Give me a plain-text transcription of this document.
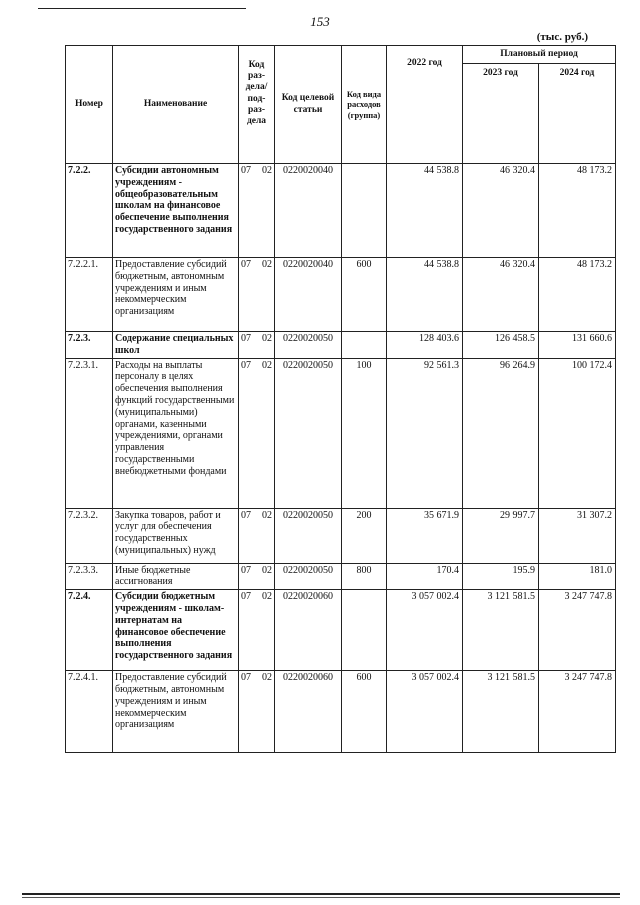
153
(тыс. руб.)
Номер	Наименование	Код раз-дела/ под-раз-дела	Код целевой статьи	Код вида расходов (группа)	2022 год	Плановый период	
						2023 год	2024 год
7.2.2.	Субсидии автономным учреждениям - общеобразовательным школам на финансовое обеспечение выполнения государственного задания	07 02	0220020040		44 538.8	46 320.4	48 173.2
7.2.2.1.	Предоставление субсидий бюджетным, автономным учреждениям и иным некоммерческим организациям	07 02	0220020040	600	44 538.8	46 320.4	48 173.2
7.2.3.	Содержание специальных школ	07 02	0220020050		128 403.6	126 458.5	131 660.6
7.2.3.1.	Расходы на выплаты персоналу в целях обеспечения выполнения функций государственными (муниципальными) органами, казенными учреждениями, органами управления государственными внебюджетными фондами	07 02	0220020050	100	92 561.3	96 264.9	100 172.4
7.2.3.2.	Закупка товаров, работ и услуг для обеспечения государственных (муниципальных) нужд	07 02	0220020050	200	35 671.9	29 997.7	31 307.2
7.2.3.3.	Иные бюджетные ассигнования	07 02	0220020050	800	170.4	195.9	181.0
7.2.4.	Субсидии бюджетным учреждениям - школам-интернатам на финансовое обеспечение выполнения государственного задания	07 02	0220020060		3 057 002.4	3 121 581.5	3 247 747.8
7.2.4.1.	Предоставление субсидий бюджетным, автономным учреждениям и иным некоммерческим организациям	07 02	0220020060	600	3 057 002.4	3 121 581.5	3 247 747.8
